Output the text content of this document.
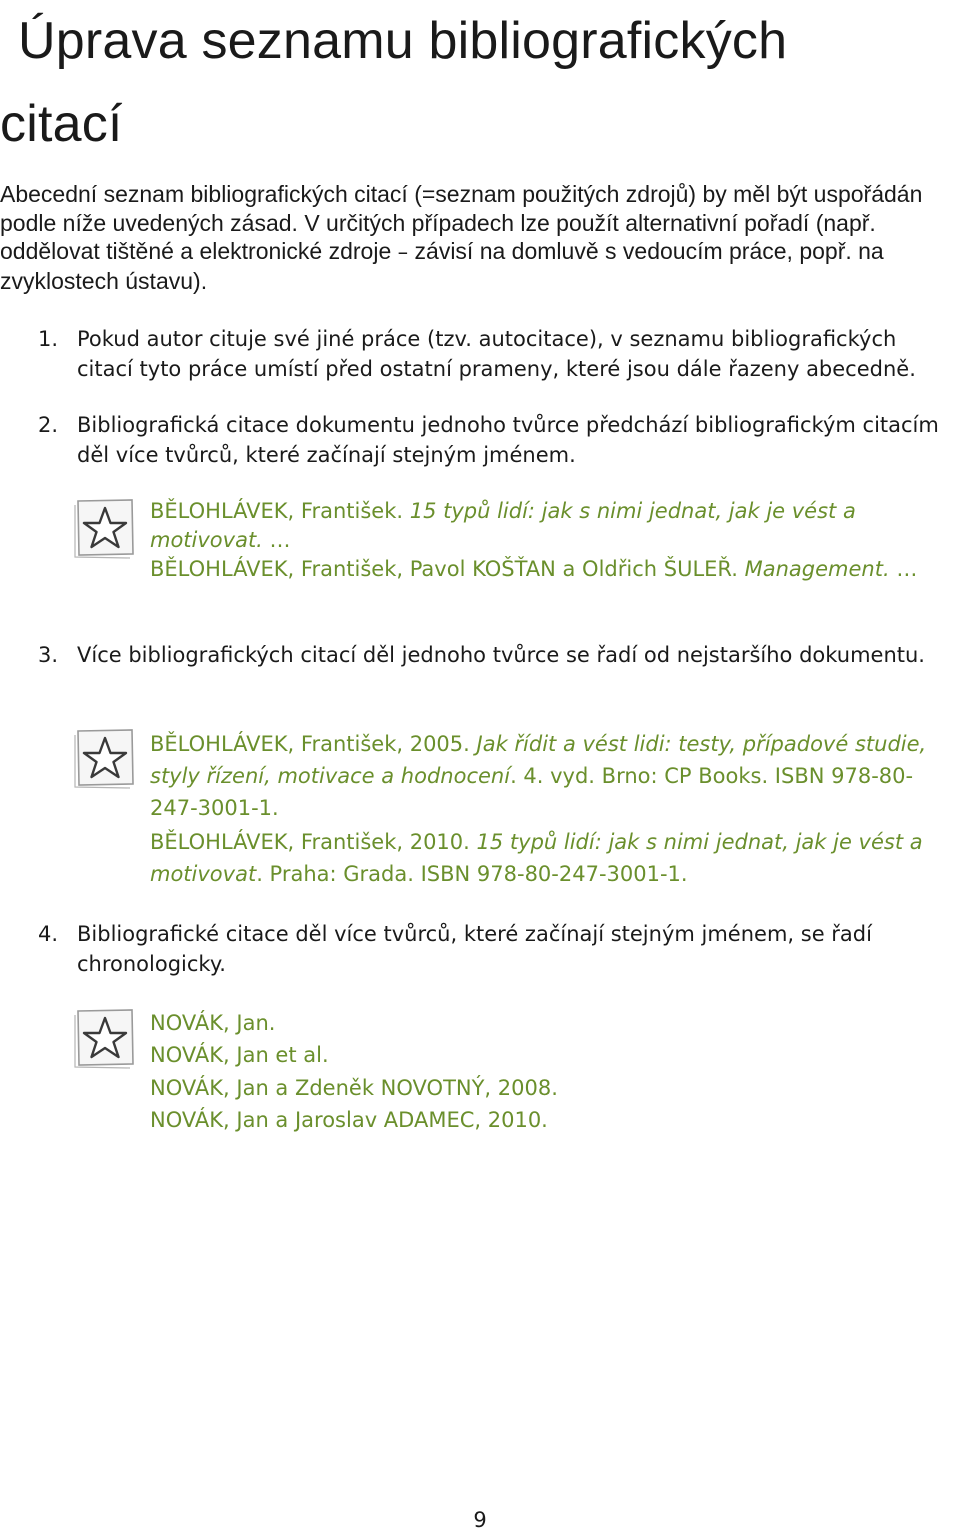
Úprava seznamu bibliografických
citací

Abecední seznam bibliografických citací (=seznam použitých zdrojů) by měl být uspořádán podle níže uvedených zásad. V určitých případech lze použít alternativní pořadí (např. oddělovat tištěné a elektronické zdroje – závisí na domluvě s vedoucím práce, popř. na zvyklostech ústavu).

1. Pokud autor cituje své jiné práce (tzv. autocitace), v seznamu bibliografických citací tyto práce umístí před ostatní prameny, které jsou dále řazeny abecedně.
2. Bibliografická citace dokumentu jednoho tvůrce předchází bibliografickým citacím děl více tvůrců, které začínají stejným jménem.

BĚLOHLÁVEK, František. 15 typů lidí: jak s nimi jednat, jak je vést a motivovat. …

BĚLOHLÁVEK, František, Pavol KOŠŤAN a Oldřich ŠULEŘ. Management. …

3. Více bibliografických citací děl jednoho tvůrce se řadí od nejstaršího dokumentu.

BĚLOHLÁVEK, František, 2005. Jak řídit a vést lidi: testy, případové studie, styly řízení, motivace a hodnocení. 4. vyd. Brno: CP Books. ISBN 978-80-247-3001-1.

BĚLOHLÁVEK, František, 2010. 15 typů lidí: jak s nimi jednat, jak je vést a motivovat. Praha: Grada. ISBN 978-80-247-3001-1.

4. Bibliografické citace děl více tvůrců, které začínají stejným jménem, se řadí chronologicky.

NOVÁK, Jan.

NOVÁK, Jan et al.

NOVÁK, Jan a Zdeněk NOVOTNÝ, 2008.

NOVÁK, Jan a Jaroslav ADAMEC, 2010.

9
